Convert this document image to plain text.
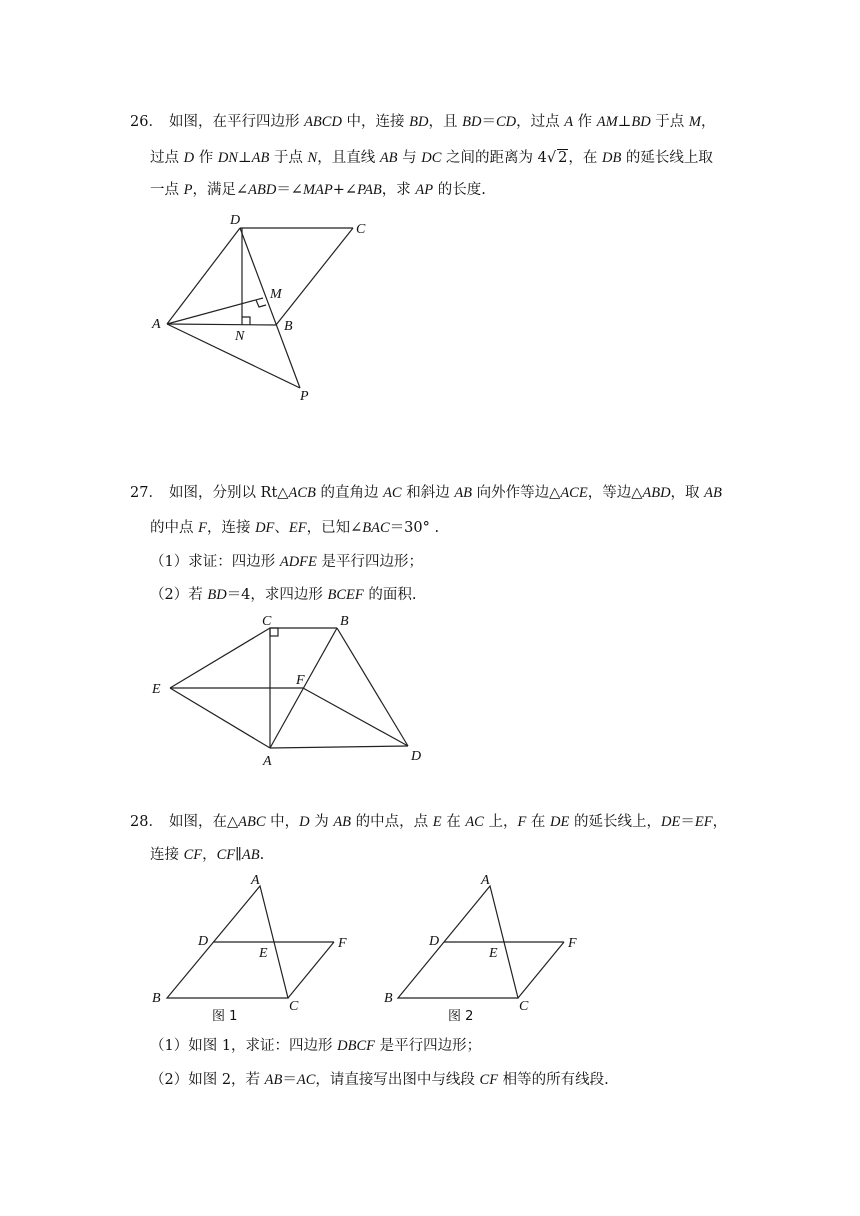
26． 如图，在平行四边形 ABCD 中，连接 BD，且 BD＝CD，过点 A 作 AM⊥BD 于点 M，
过点 D 作 DN⊥AB 于点 N，且直线 AB 与 DC 之间的距离为 4√ 2，在 DB 的延长线上取
一点 P，满足∠ABD＝∠MAP+∠PAB，求 AP 的长度.
D
C
A	B
M
N
P
27． 如图，分别以 Rt△ACB 的直角边 AC 和斜边 AB 向外作等边△ACE，等边△ABD，取 AB
的中点 F，连接 DF、EF，已知∠BAC＝30° .
（1）求证：四边形 ADFE 是平行四边形；
（2）若 BD＝4，求四边形 BCEF 的面积.
C	B
E
F
A	D
28． 如图，在△ABC 中，D 为 AB 的中点，点 E 在 AC 上，F 在 DE 的延长线上，DE＝EF，
连接 CF，CF∥AB.
A
B
C
D
E
F
图 1
A
B
C
D
E
F
图 2
（1）如图 1，求证：四边形 DBCF 是平行四边形；
（2）如图 2，若 AB＝AC，请直接写出图中与线段 CF 相等的所有线段.
